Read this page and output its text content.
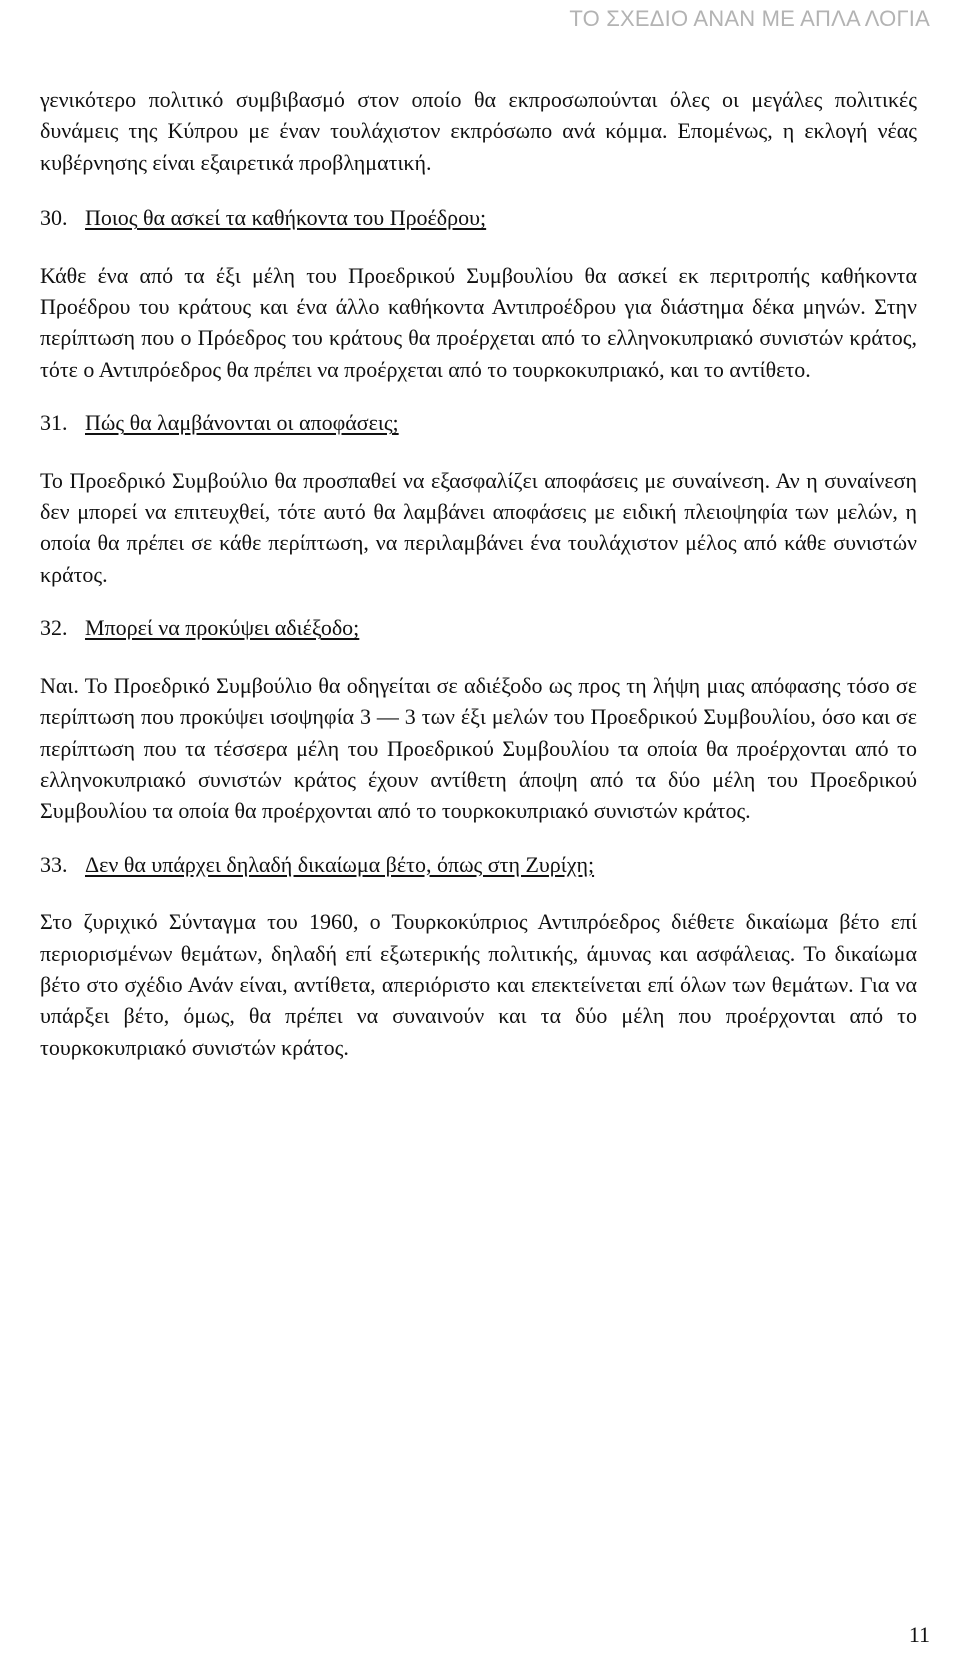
ΤΟ ΣΧΕΔΙΟ ΑΝΑΝ ΜΕ ΑΠΛΑ ΛΟΓΙΑ

γενικότερο πολιτικό συμβιβασμό στον οποίο θα εκπροσωπούνται όλες οι μεγάλες πολιτικές δυνάμεις της Κύπρου με έναν τουλάχιστον εκπρόσωπο ανά κόμμα. Επομένως, η εκλογή νέας κυβέρνησης είναι εξαιρετικά προβληματική.

30. Ποιος θα ασκεί τα καθήκοντα του Προέδρου;

Κάθε ένα από τα έξι μέλη του Προεδρικού Συμβουλίου θα ασκεί εκ περιτροπής καθήκοντα Προέδρου του κράτους και ένα άλλο καθήκοντα Αντιπροέδρου για διάστημα δέκα μηνών. Στην περίπτωση που ο Πρόεδρος του κράτους θα προέρχεται από το ελληνοκυπριακό συνιστών κράτος, τότε ο Αντιπρόεδρος θα πρέπει να προέρχεται από το τουρκοκυπριακό, και το αντίθετο.

31. Πώς θα λαμβάνονται οι αποφάσεις;

Το Προεδρικό Συμβούλιο θα προσπαθεί να εξασφαλίζει αποφάσεις με συναίνεση. Αν η συναίνεση δεν μπορεί να επιτευχθεί, τότε αυτό θα λαμβάνει αποφάσεις με ειδική πλειοψηφία των μελών, η οποία θα πρέπει σε κάθε περίπτωση, να περιλαμβάνει ένα τουλάχιστον μέλος από κάθε συνιστών κράτος.

32. Μπορεί να προκύψει αδιέξοδο;

Ναι. Το Προεδρικό Συμβούλιο θα οδηγείται σε αδιέξοδο ως προς τη λήψη μιας απόφασης τόσο σε περίπτωση που προκύψει ισοψηφία 3 — 3 των έξι μελών του Προεδρικού Συμβουλίου, όσο και σε περίπτωση που τα τέσσερα μέλη του Προεδρικού Συμβουλίου τα οποία θα προέρχονται από το ελληνοκυπριακό συνιστών κράτος έχουν αντίθετη άποψη από τα δύο μέλη του Προεδρικού Συμβουλίου τα οποία θα προέρχονται από το τουρκοκυπριακό συνιστών κράτος.

33. Δεν θα υπάρχει δηλαδή δικαίωμα βέτο, όπως στη Ζυρίχη;

Στο ζυριχικό Σύνταγμα του 1960, ο Τουρκοκύπριος Αντιπρόεδρος διέθετε δικαίωμα βέτο επί περιορισμένων θεμάτων, δηλαδή επί εξωτερικής πολιτικής, άμυνας και ασφάλειας. Το δικαίωμα βέτο στο σχέδιο Ανάν είναι, αντίθετα, απεριόριστο και επεκτείνεται επί όλων των θεμάτων. Για να υπάρξει βέτο, όμως, θα πρέπει να συναινούν και τα δύο μέλη που προέρχονται από το τουρκοκυπριακό συνιστών κράτος.

11
